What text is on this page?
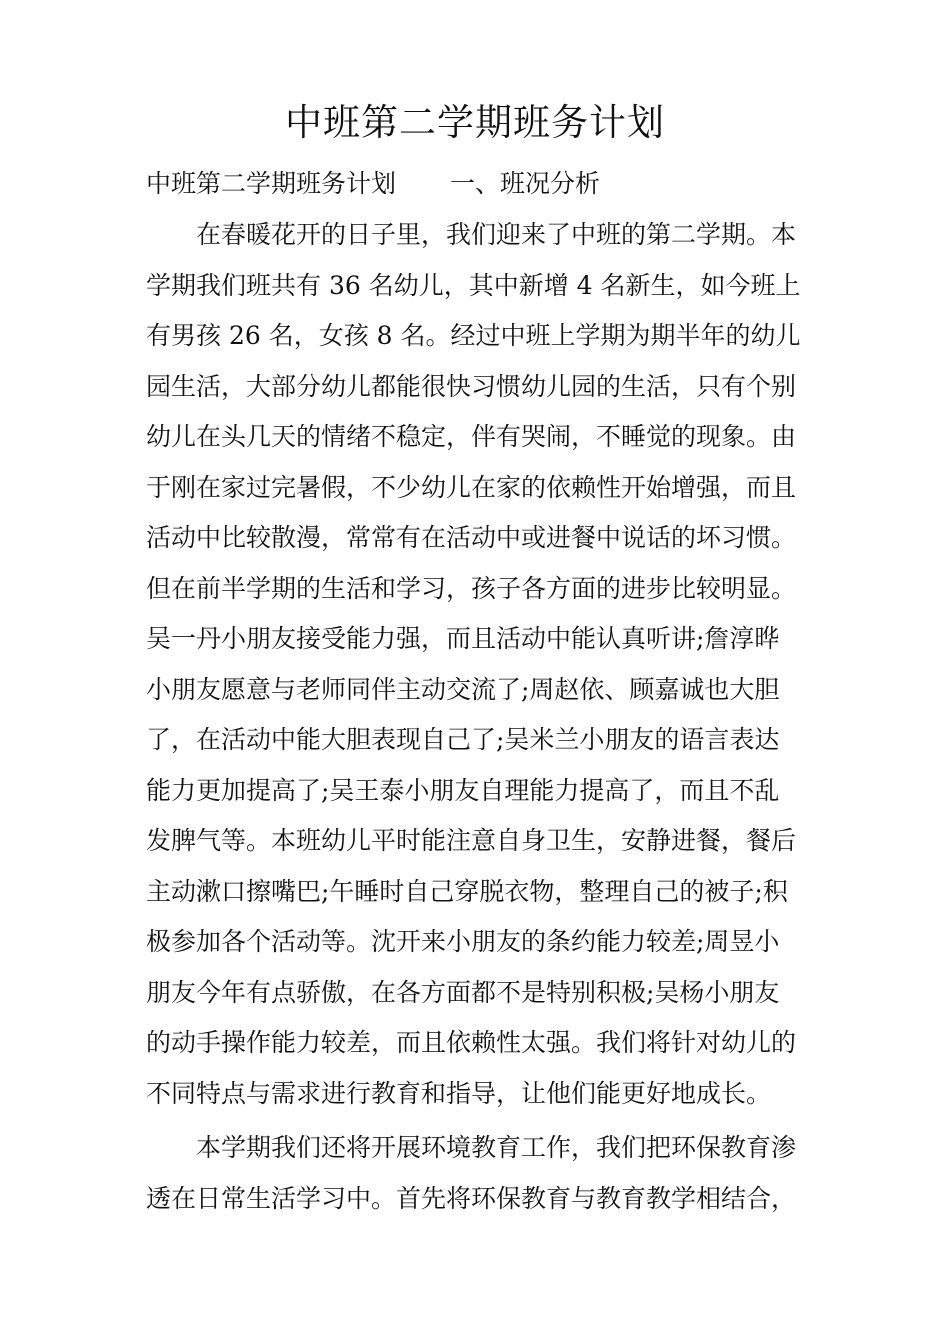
中班第二学期班务计划
中班第二学期班务计划 一、班况分析
在春暖花开的日子里，我们迎来了中班的第二学期。本
学期我们班共有 36 名幼儿，其中新增 4 名新生，如今班上
有男孩 26 名，女孩 8 名。经过中班上学期为期半年的幼儿
园生活，大部分幼儿都能很快习惯幼儿园的生活，只有个别
幼儿在头几天的情绪不稳定，伴有哭闹，不睡觉的现象。由
于刚在家过完暑假，不少幼儿在家的依赖性开始增强，而且
活动中比较散漫，常常有在活动中或进餐中说话的坏习惯。
但在前半学期的生活和学习，孩子各方面的进步比较明显。
吴一丹小朋友接受能力强，而且活动中能认真听讲;詹淳晔
小朋友愿意与老师同伴主动交流了;周赵依、顾嘉诚也大胆
了，在活动中能大胆表现自己了;吴米兰小朋友的语言表达
能力更加提高了;吴王泰小朋友自理能力提高了，而且不乱
发脾气等。本班幼儿平时能注意自身卫生，安静进餐，餐后
主动漱口擦嘴巴;午睡时自己穿脱衣物，整理自己的被子;积
极参加各个活动等。沈开来小朋友的条约能力较差;周昱小
朋友今年有点骄傲，在各方面都不是特别积极;吴杨小朋友
的动手操作能力较差，而且依赖性太强。我们将针对幼儿的
不同特点与需求进行教育和指导，让他们能更好地成长。
本学期我们还将开展环境教育工作，我们把环保教育渗
透在日常生活学习中。首先将环保教育与教育教学相结合，
